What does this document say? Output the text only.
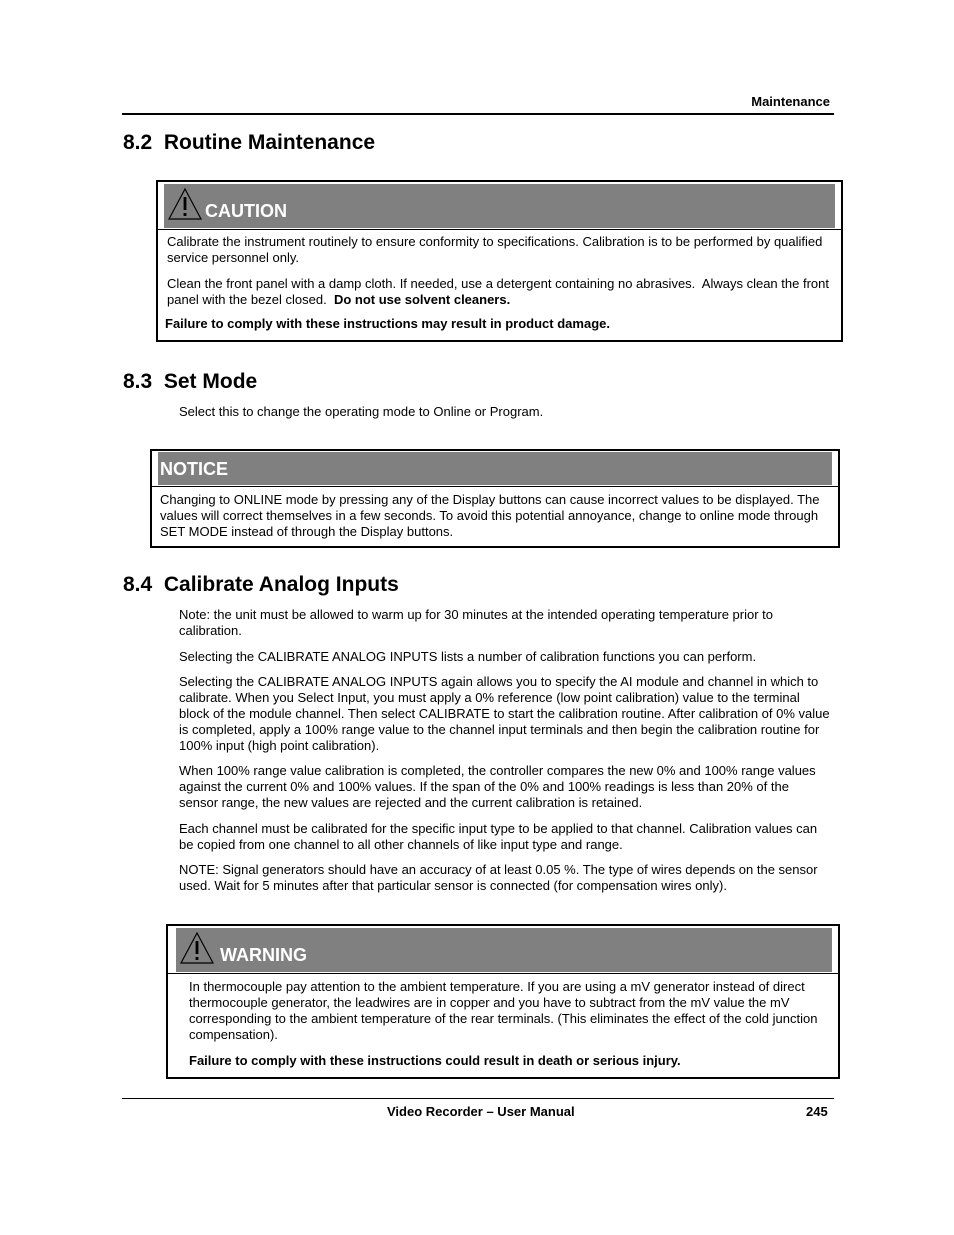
Maintenance
8.2  Routine Maintenance
CAUTION

Calibrate the instrument routinely to ensure conformity to specifications. Calibration is to be performed by qualified service personnel only.

Clean the front panel with a damp cloth. If needed, use a detergent containing no abrasives.  Always clean the front panel with the bezel closed.  Do not use solvent cleaners.

Failure to comply with these instructions may result in product damage.

8.3  Set Mode
Select this to change the operating mode to Online or Program.
NOTICE

Changing to ONLINE mode by pressing any of the Display buttons can cause incorrect values to be displayed. The values will correct themselves in a few seconds. To avoid this potential annoyance, change to online mode through SET MODE instead of through the Display buttons.

8.4  Calibrate Analog Inputs

Note: the unit must be allowed to warm up for 30 minutes at the intended operating temperature prior to calibration.

Selecting the CALIBRATE ANALOG INPUTS lists a number of calibration functions you can perform.

Selecting the CALIBRATE ANALOG INPUTS again allows you to specify the AI module and channel in which to calibrate. When you Select Input, you must apply a 0% reference (low point calibration) value to the terminal block of the module channel. Then select CALIBRATE to start the calibration routine. After calibration of 0% value is completed, apply a 100% range value to the channel input terminals and then begin the calibration routine for 100% input (high point calibration).

When 100% range value calibration is completed, the controller compares the new 0% and 100% range values against the current 0% and 100% values. If the span of the 0% and 100% readings is less than 20% of the sensor range, the new values are rejected and the current calibration is retained.

Each channel must be calibrated for the specific input type to be applied to that channel. Calibration values can be copied from one channel to all other channels of like input type and range.

NOTE: Signal generators should have an accuracy of at least 0.05 %. The type of wires depends on the sensor used. Wait for 5 minutes after that particular sensor is connected (for compensation wires only).

WARNING

In thermocouple pay attention to the ambient temperature. If you are using a mV generator instead of direct thermocouple generator, the leadwires are in copper and you have to subtract from the mV value the mV corresponding to the ambient temperature of the rear terminals. (This eliminates the effect of the cold junction compensation).

Failure to comply with these instructions could result in death or serious injury.

Video Recorder – User Manual	245
